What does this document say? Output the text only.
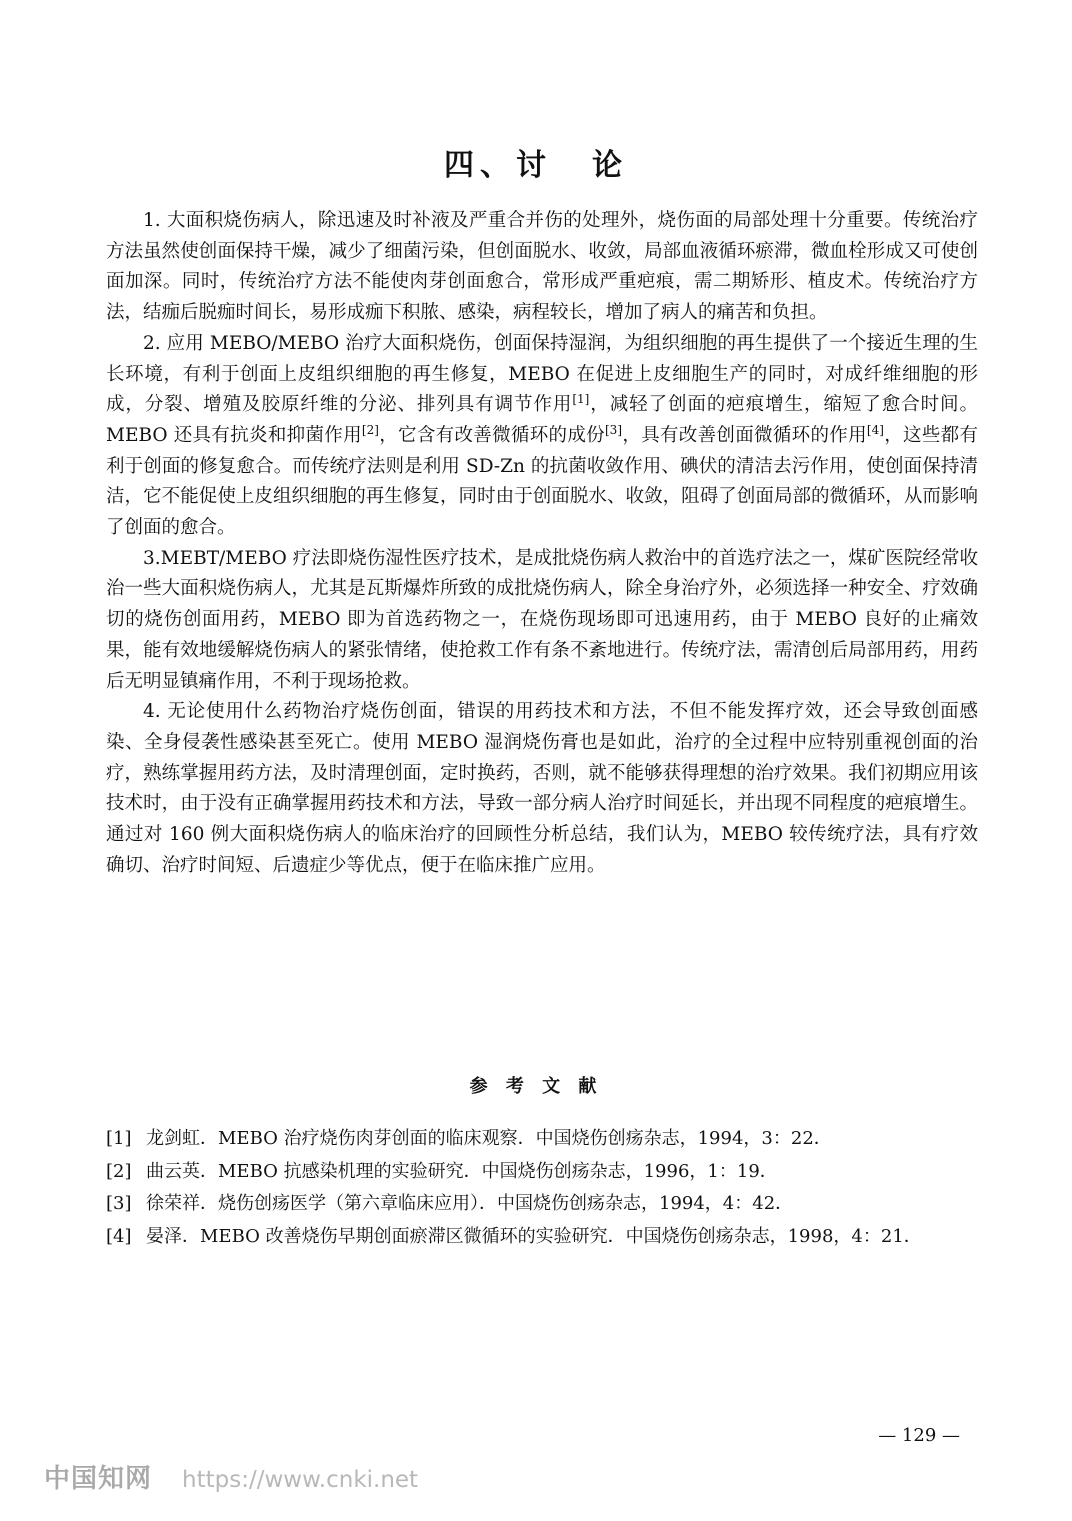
四、讨 论

1. 大面积烧伤病人，除迅速及时补液及严重合并伤的处理外，烧伤面的局部处理十分重要。传统治疗方法虽然使创面保持干燥，减少了细菌污染，但创面脱水、收敛，局部血液循环瘀滞，微血栓形成又可使创面加深。同时，传统治疗方法不能使肉芽创面愈合，常形成严重疤痕，需二期矫形、植皮术。传统治疗方法，结痂后脱痂时间长，易形成痂下积脓、感染，病程较长，增加了病人的痛苦和负担。

2. 应用 MEBO/MEBO 治疗大面积烧伤，创面保持湿润，为组织细胞的再生提供了一个接近生理的生长环境，有利于创面上皮组织细胞的再生修复，MEBO 在促进上皮细胞生产的同时，对成纤维细胞的形成，分裂、增殖及胶原纤维的分泌、排列具有调节作用[1]，减轻了创面的疤痕增生，缩短了愈合时间。MEBO 还具有抗炎和抑菌作用[2]，它含有改善微循环的成份[3]，具有改善创面微循环的作用[4]，这些都有利于创面的修复愈合。而传统疗法则是利用 SD-Zn 的抗菌收敛作用、碘伏的清洁去污作用，使创面保持清洁，它不能促使上皮组织细胞的再生修复，同时由于创面脱水、收敛，阻碍了创面局部的微循环，从而影响了创面的愈合。

3.MEBT/MEBO 疗法即烧伤湿性医疗技术，是成批烧伤病人救治中的首选疗法之一，煤矿医院经常收治一些大面积烧伤病人，尤其是瓦斯爆炸所致的成批烧伤病人，除全身治疗外，必须选择一种安全、疗效确切的烧伤创面用药，MEBO 即为首选药物之一，在烧伤现场即可迅速用药，由于 MEBO 良好的止痛效果，能有效地缓解烧伤病人的紧张情绪，使抢救工作有条不紊地进行。传统疗法，需清创后局部用药，用药后无明显镇痛作用，不利于现场抢救。

4. 无论使用什么药物治疗烧伤创面，错误的用药技术和方法，不但不能发挥疗效，还会导致创面感染、全身侵袭性感染甚至死亡。使用 MEBO 湿润烧伤膏也是如此，治疗的全过程中应特别重视创面的治疗，熟练掌握用药方法，及时清理创面，定时换药，否则，就不能够获得理想的治疗效果。我们初期应用该技术时，由于没有正确掌握用药技术和方法，导致一部分病人治疗时间延长，并出现不同程度的疤痕增生。通过对 160 例大面积烧伤病人的临床治疗的回顾性分析总结，我们认为，MEBO 较传统疗法，具有疗效确切、治疗时间短、后遗症少等优点，便于在临床推广应用。

参 考 文 献
[1] 龙剑虹．MEBO 治疗烧伤肉芽创面的临床观察．中国烧伤创疡杂志，1994，3：22．
[2] 曲云英．MEBO 抗感染机理的实验研究．中国烧伤创疡杂志，1996，1：19．
[3] 徐荣祥．烧伤创疡医学（第六章临床应用）．中国烧伤创疡杂志，1994，4：42．
[4] 晏泽．MEBO 改善烧伤早期创面瘀滞区微循环的实验研究．中国烧伤创疡杂志，1998，4：21．
— 129 —
中国知网 https://www.cnki.net
